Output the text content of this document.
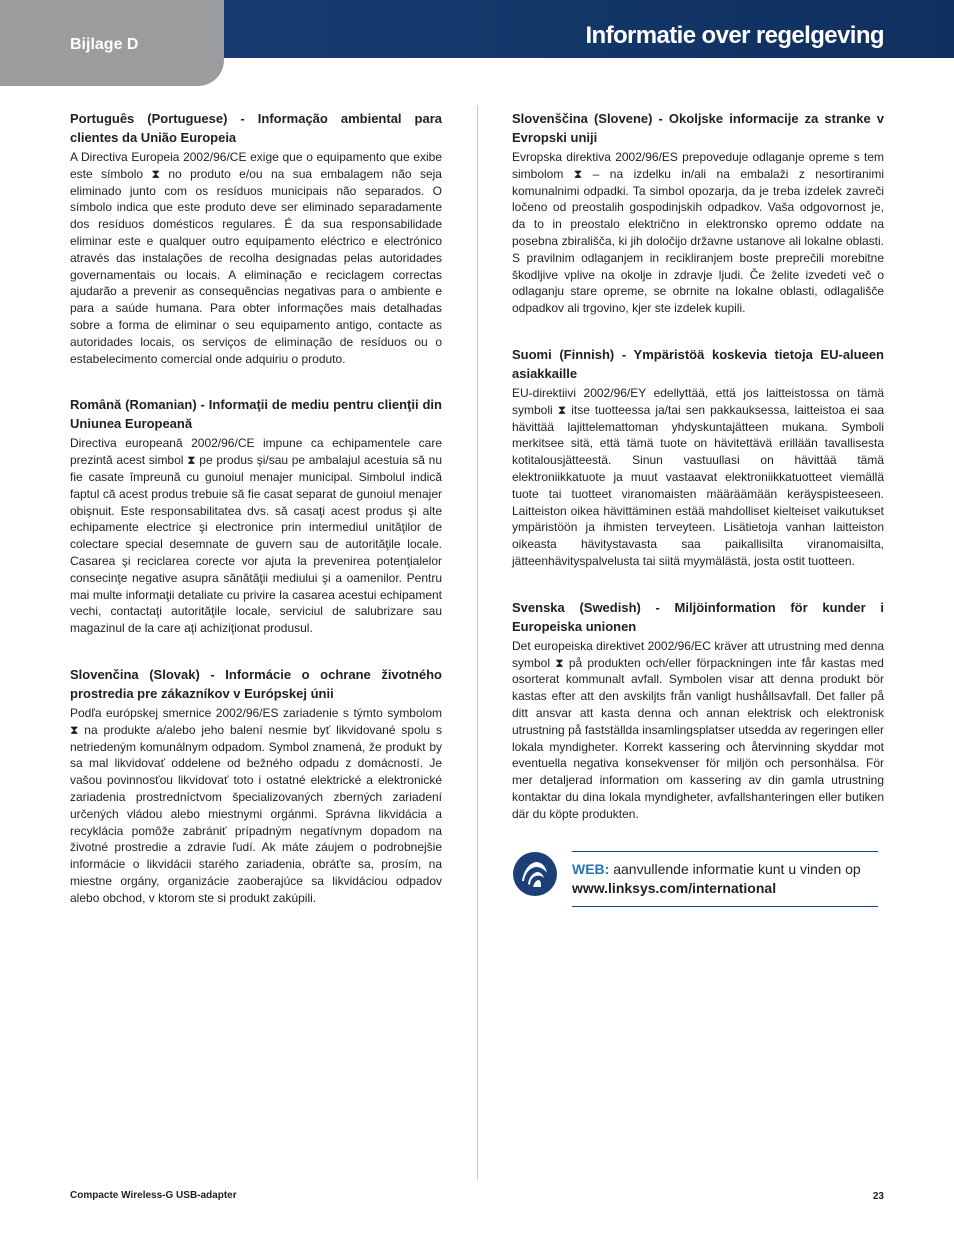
Bijlage D	Informatie over regelgeving

Português (Portuguese) - Informação ambiental para clientes da União Europeia

A Directiva Europeia 2002/96/CE exige que o equipamento que exibe este símbolo ⧗ no produto e/ou na sua embalagem não seja eliminado junto com os resíduos municipais não separados. O símbolo indica que este produto deve ser eliminado separadamente dos resíduos domésticos regulares. É da sua responsabilidade eliminar este e qualquer outro equipamento eléctrico e electrónico através das instalações de recolha designadas pelas autoridades governamentais ou locais. A eliminação e reciclagem correctas ajudarão a prevenir as consequências negativas para o ambiente e para a saúde humana. Para obter informações mais detalhadas sobre a forma de eliminar o seu equipamento antigo, contacte as autoridades locais, os serviços de eliminação de resíduos ou o estabelecimento comercial onde adquiriu o produto.

Română (Romanian) - Informaţii de mediu pentru clienţii din Uniunea Europeană

Directiva europeană 2002/96/CE impune ca echipamentele care prezintă acest simbol ⧗ pe produs şi/sau pe ambalajul acestuia să nu fie casate împreună cu gunoiul menajer municipal. Simbolul indică faptul că acest produs trebuie să fie casat separat de gunoiul menajer obişnuit. Este responsabilitatea dvs. să casaţi acest produs şi alte echipamente electrice şi electronice prin intermediul unităţilor de colectare special desemnate de guvern sau de autorităţile locale. Casarea şi reciclarea corecte vor ajuta la prevenirea potenţialelor consecinţe negative asupra sănătăţii mediului şi a oamenilor. Pentru mai multe informaţii detaliate cu privire la casarea acestui echipament vechi, contactaţi autorităţile locale, serviciul de salubrizare sau magazinul de la care aţi achiziţionat produsul.

Slovenčina (Slovak) - Informácie o ochrane životného prostredia pre zákazníkov v Európskej únii

Podľa európskej smernice 2002/96/ES zariadenie s týmto symbolom ⧗ na produkte a/alebo jeho balení nesmie byť likvidované spolu s netriedeným komunálnym odpadom. Symbol znamená, že produkt by sa mal likvidovať oddelene od bežného odpadu z domácností. Je vašou povinnosťou likvidovať toto i ostatné elektrické a elektronické zariadenia prostredníctvom špecializovaných zberných zariadení určených vládou alebo miestnymi orgánmi. Správna likvidácia a recyklácia pomôže zabrániť prípadným negatívnym dopadom na životné prostredie a zdravie ľudí. Ak máte záujem o podrobnejšie informácie o likvidácii starého zariadenia, obráťte sa, prosím, na miestne orgány, organizácie zaoberajúce sa likvidáciou odpadov alebo obchod, v ktorom ste si produkt zakúpili.

Slovenščina (Slovene) - Okoljske informacije za stranke v Evropski uniji

Evropska direktiva 2002/96/ES prepoveduje odlaganje opreme s tem simbolom ⧗ – na izdelku in/ali na embalaži z nesortiranimi komunalnimi odpadki. Ta simbol opozarja, da je treba izdelek zavreči ločeno od preostalih gospodinjskih odpadkov. Vaša odgovornost je, da to in preostalo električno in elektronsko opremo oddate na posebna zbirališča, ki jih določijo državne ustanove ali lokalne oblasti. S pravilnim odlaganjem in recikliranjem boste preprečili morebitne škodljive vplive na okolje in zdravje ljudi. Če želite izvedeti več o odlaganju stare opreme, se obrnite na lokalne oblasti, odlagališče odpadkov ali trgovino, kjer ste izdelek kupili.

Suomi (Finnish) - Ympäristöä koskevia tietoja EU-alueen asiakkaille

EU-direktiivi 2002/96/EY edellyttää, että jos laitteistossa on tämä symboli ⧗ itse tuotteessa ja/tai sen pakkauksessa, laitteistoa ei saa hävittää lajittelemattoman yhdyskuntajätteen mukana. Symboli merkitsee sitä, että tämä tuote on hävitettävä erillään tavallisesta kotitalousjätteestä. Sinun vastuullasi on hävittää tämä elektroniikkatuote ja muut vastaavat elektroniikkatuotteet viemällä tuote tai tuotteet viranomaisten määräämään keräyspisteeseen. Laitteiston oikea hävittäminen estää mahdolliset kielteiset vaikutukset ympäristöön ja ihmisten terveyteen. Lisätietoja vanhan laitteiston oikeasta hävitystavasta saa paikallisilta viranomaisilta, jätteenhävityspalvelusta tai siitä myymälästä, josta ostit tuotteen.

Svenska (Swedish) - Miljöinformation för kunder i Europeiska unionen

Det europeiska direktivet 2002/96/EC kräver att utrustning med denna symbol ⧗ på produkten och/eller förpackningen inte får kastas med osorterat kommunalt avfall. Symbolen visar att denna produkt bör kastas efter att den avskiljts från vanligt hushållsavfall. Det faller på ditt ansvar att kasta denna och annan elektrisk och elektronisk utrustning på fastställda insamlingsplatser utsedda av regeringen eller lokala myndigheter. Korrekt kassering och återvinning skyddar mot eventuella negativa konsekvenser för miljön och personhälsa. För mer detaljerad information om kassering av din gamla utrustning kontaktar du dina lokala myndigheter, avfallshanteringen eller butiken där du köpte produkten.

WEB: aanvullende informatie kunt u vinden op
www.linksys.com/international
Compacte Wireless-G USB-adapter	23
